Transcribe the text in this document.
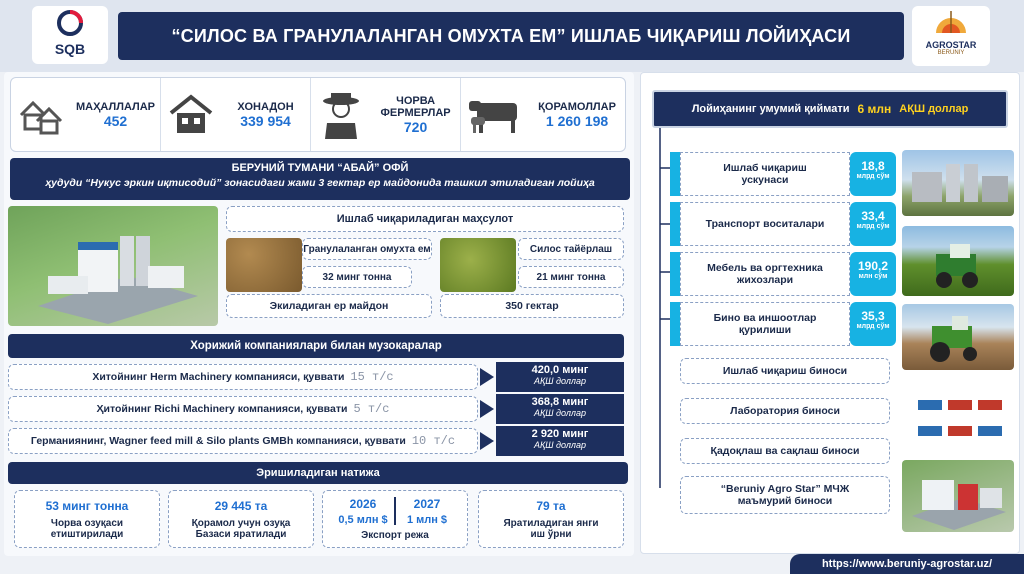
SQB
“СИЛОС ВА ГРАНУЛАЛАНГАН ОМУХТА ЕМ” ИШЛАБ ЧИҚАРИШ ЛОЙИҲАСИ	AGROSTAR
BERUNIY
МАҲАЛЛАЛАР
452
ХОНАДОН
339 954
ЧОРВА ФЕРМЕРЛАР
720
ҚОРАМОЛЛАР
1 260 198
БЕРУНИЙ ТУМАНИ “АБАЙ” ОФЙ
ҳудуди “Нукус эркин иқтисодий” зонасидаги жами 3 гектар ер майдонида ташкил этиладиган лойиҳа
Ишлаб чиқариладиган маҳсулот
Гранулаланган омухта ем
32 минг тонна
Силос тайёрлаш
21 минг тонна
Экиладиган ер майдон	350 гектар
Хорижий компаниялари билан музокаралар
Хитойнинг Herm Machinery компанияси, қуввати 15 т/с	420,0 минг
АҚШ доллар
Ҳитойнинг Richi Machinery компанияси, қуввати 5 т/с	368,8 минг
АҚШ доллар
Германиянинг, Wagner feed mill & Silo plants GMBh компанияси, қуввати 10 т/с	2 920 минг
АҚШ доллар
Эришиладиган натижа
53 минг тонна
Чорва озуқаси етиштирилади
29 445 та
Қорамол учун озуқа Базаси яратилади
2026
0,5 млн $
2027
1 млн $
Экспорт режа
79 та
Яратиладиган янги иш ўрни
Лойиҳанинг умумий қиймати 6 млн АҚШ доллар
Ишлаб чиқариш ускунаси
18,8
млрд сўм
Транспорт воситалари
33,4
млрд сўм
Мебель ва оргтехника жихозлари
190,2
млн сўм
Бино ва иншоотлар қурилиши
35,3
млрд сўм
Ишлаб чиқариш биноси
Лаборатория биноси
Қадоқлаш ва сақлаш биноси
“Beruniy Agro Star” МЧЖ маъмурий биноси
https://www.beruniy-agrostar.uz/
